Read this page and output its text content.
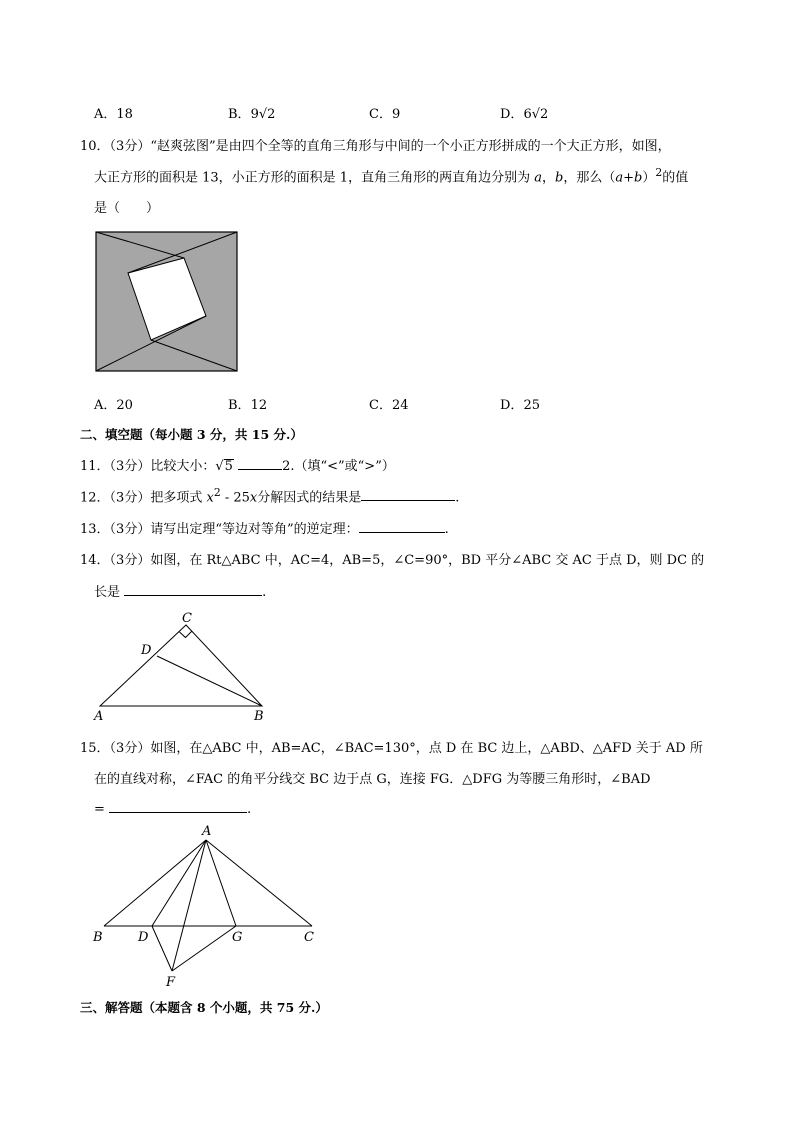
A．18	B．9√2	C．9	D．6√2
10．（3分）“赵爽弦图”是由四个全等的直角三角形与中间的一个小正方形拼成的一个大正方形，如图，
大正方形的面积是 13，小正方形的面积是 1，直角三角形的两直角边分别为 a，b，那么$(a+b)^2$的值
是（　　）
A．20	B．12	C．24	D．25
二、填空题（每小题 3 分，共 15 分.）
11．（3分）比较大小：√5	2.（填“<”或“>”）
12．（3分）把多项式 $x^2 - 25x$分解因式的结果是	.
13．（3分）请写出定理“等边对等角”的逆定理：	.
14．（3分）如图，在 Rt△ABC 中，AC=4，AB=5，∠C=90°，BD 平分∠ABC 交 AC 于点 D，则 DC 的
长是	.
C
D
A	B
15．（3分）如图，在△ABC 中，AB=AC，∠BAC=130°，点 D 在 BC 边上，△ABD、△AFD 关于 AD 所
在的直线对称，∠FAC 的角平分线交 BC 边于点 G，连接 FG．△DFG 为等腰三角形时，∠BAD
=	.
A
B	D	G	C
F
三、解答题（本题含 8 个小题，共 75 分.）
